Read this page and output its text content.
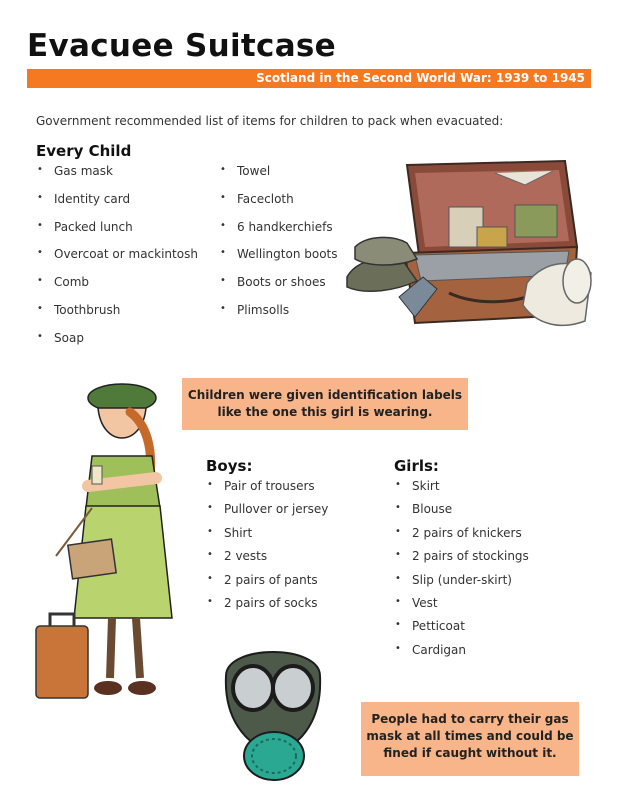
Evacuee Suitcase
Scotland in the Second World War: 1939 to 1945
Government recommended list of items for children to pack when evacuated:
Every Child
• Gas mask
• Identity card
• Packed lunch
• Overcoat or mackintosh
• Comb
• Toothbrush
• Soap
• Towel
• Facecloth
• 6 handkerchiefs
• Wellington boots
• Boots or shoes
• Plimsolls
Children were given identification labels like the one this girl is wearing.
Boys:
• Pair of trousers
• Pullover or jersey
• Shirt
• 2 vests
• 2 pairs of pants
• 2 pairs of socks
Girls:
• Skirt
• Blouse
• 2 pairs of knickers
• 2 pairs of stockings
• Slip (under-skirt)
• Vest
• Petticoat
• Cardigan
People had to carry their gas mask at all times and could be fined if caught without it.
